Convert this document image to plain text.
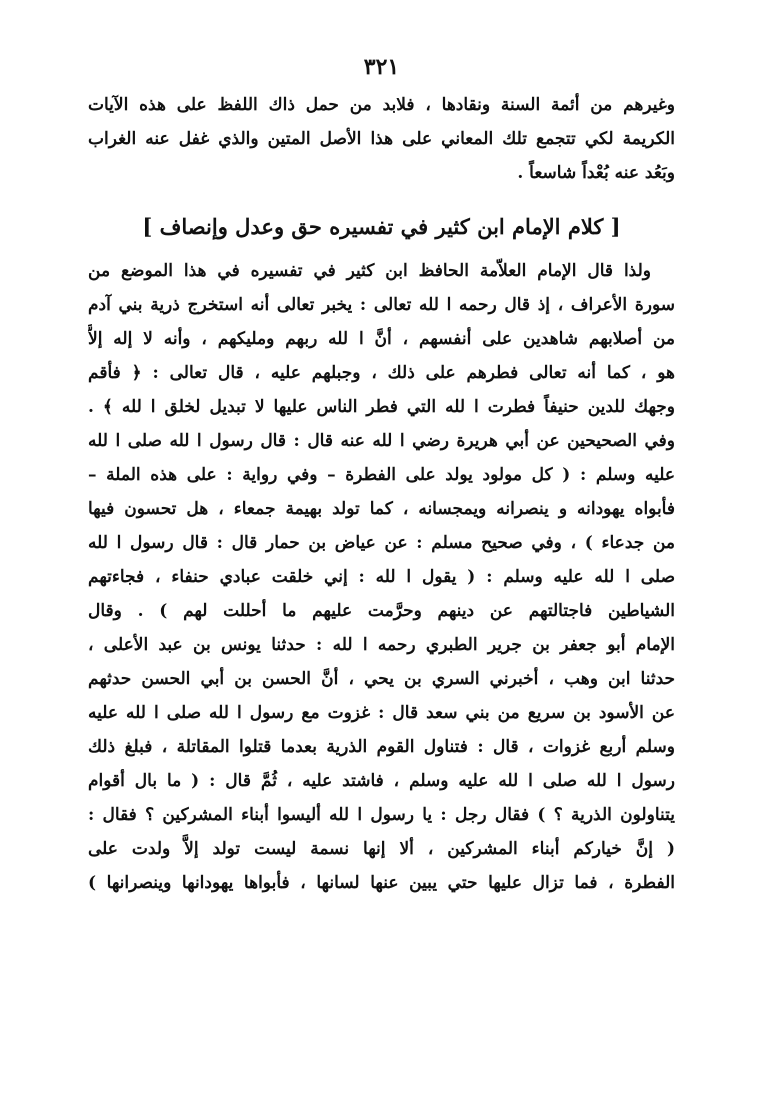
٣٢١
وغيرهم من أئمة السنة ونقادها ، فلابد من حمل ذاك اللفظ على هذه الآيات
الكريمة لكي تتجمع تلك المعاني على هذا الأصل المتين والذي غفل عنه الغراب
وبَعُد عنه بُعْداً شاسعاً .
[ كلام الإمام ابن كثير في تفسيره حق وعدل وإنصاف ]
ولذا قال الإمام العلاّمة الحافظ ابن كثير في تفسيره في هذا الموضع من
سورة الأعراف ، إذ قال رحمه ا لله تعالى : يخبر تعالى أنه استخرج ذرية بني آدم
من أصلابهم شاهدين على أنفسهم ، أنَّ ا لله ربهم ومليكهم ، وأنه لا إله إلاَّ
هو ، كما أنه تعالى فطرهم على ذلك ، وجبلهم عليه ، قال تعالى : ﴿ فأقم
وجهك للدين حنيفاً فطرت ا لله التي فطر الناس عليها لا تبديل لخلق ا لله ﴾ .
وفي الصحيحين عن أبي هريرة رضي ا لله عنه قال : قال رسول ا لله صلى ا لله
عليه وسلم : ( كل مولود يولد على الفطرة – وفي رواية : على هذه الملة –
فأبواه يهودانه و ينصرانه ويمجسانه ، كما تولد بهيمة جمعاء ، هل تحسون فيها
من جدعاء ) ، وفي صحيح مسلم : عن عياض بن حمار قال : قال رسول ا لله
صلى ا لله عليه وسلم : ( يقول ا لله : إني خلقت عبادي حنفاء ، فجاءتهم
الشياطين فاجتالتهم عن دينهم وحرَّمت عليهم ما أحللت لهم ) . وقال
الإمام أبو جعفر بن جرير الطبري رحمه ا لله : حدثنا يونس بن عبد الأعلى ،
حدثنا ابن وهب ، أخبرني السري بن يحي ، أنَّ الحسن بن أبي الحسن حدثهم
عن الأسود بن سريع من بني سعد قال : غزوت مع رسول ا لله صلى ا لله عليه
وسلم أربع غزوات ، قال : فتناول القوم الذرية بعدما قتلوا المقاتلة ، فبلغ ذلك
رسول ا لله صلى ا لله عليه وسلم ، فاشتد عليه ، ثُمَّ قال : ( ما بال أقوام
يتناولون الذرية ؟ ) فقال رجل : يا رسول ا لله أليسوا أبناء المشركين ؟ فقال :
( إنَّ خياركم أبناء المشركين ، ألا إنها نسمة ليست تولد إلاَّ ولدت على
الفطرة ، فما تزال عليها حتي يبين عنها لسانها ، فأبواها يهودانها وينصرانها )
